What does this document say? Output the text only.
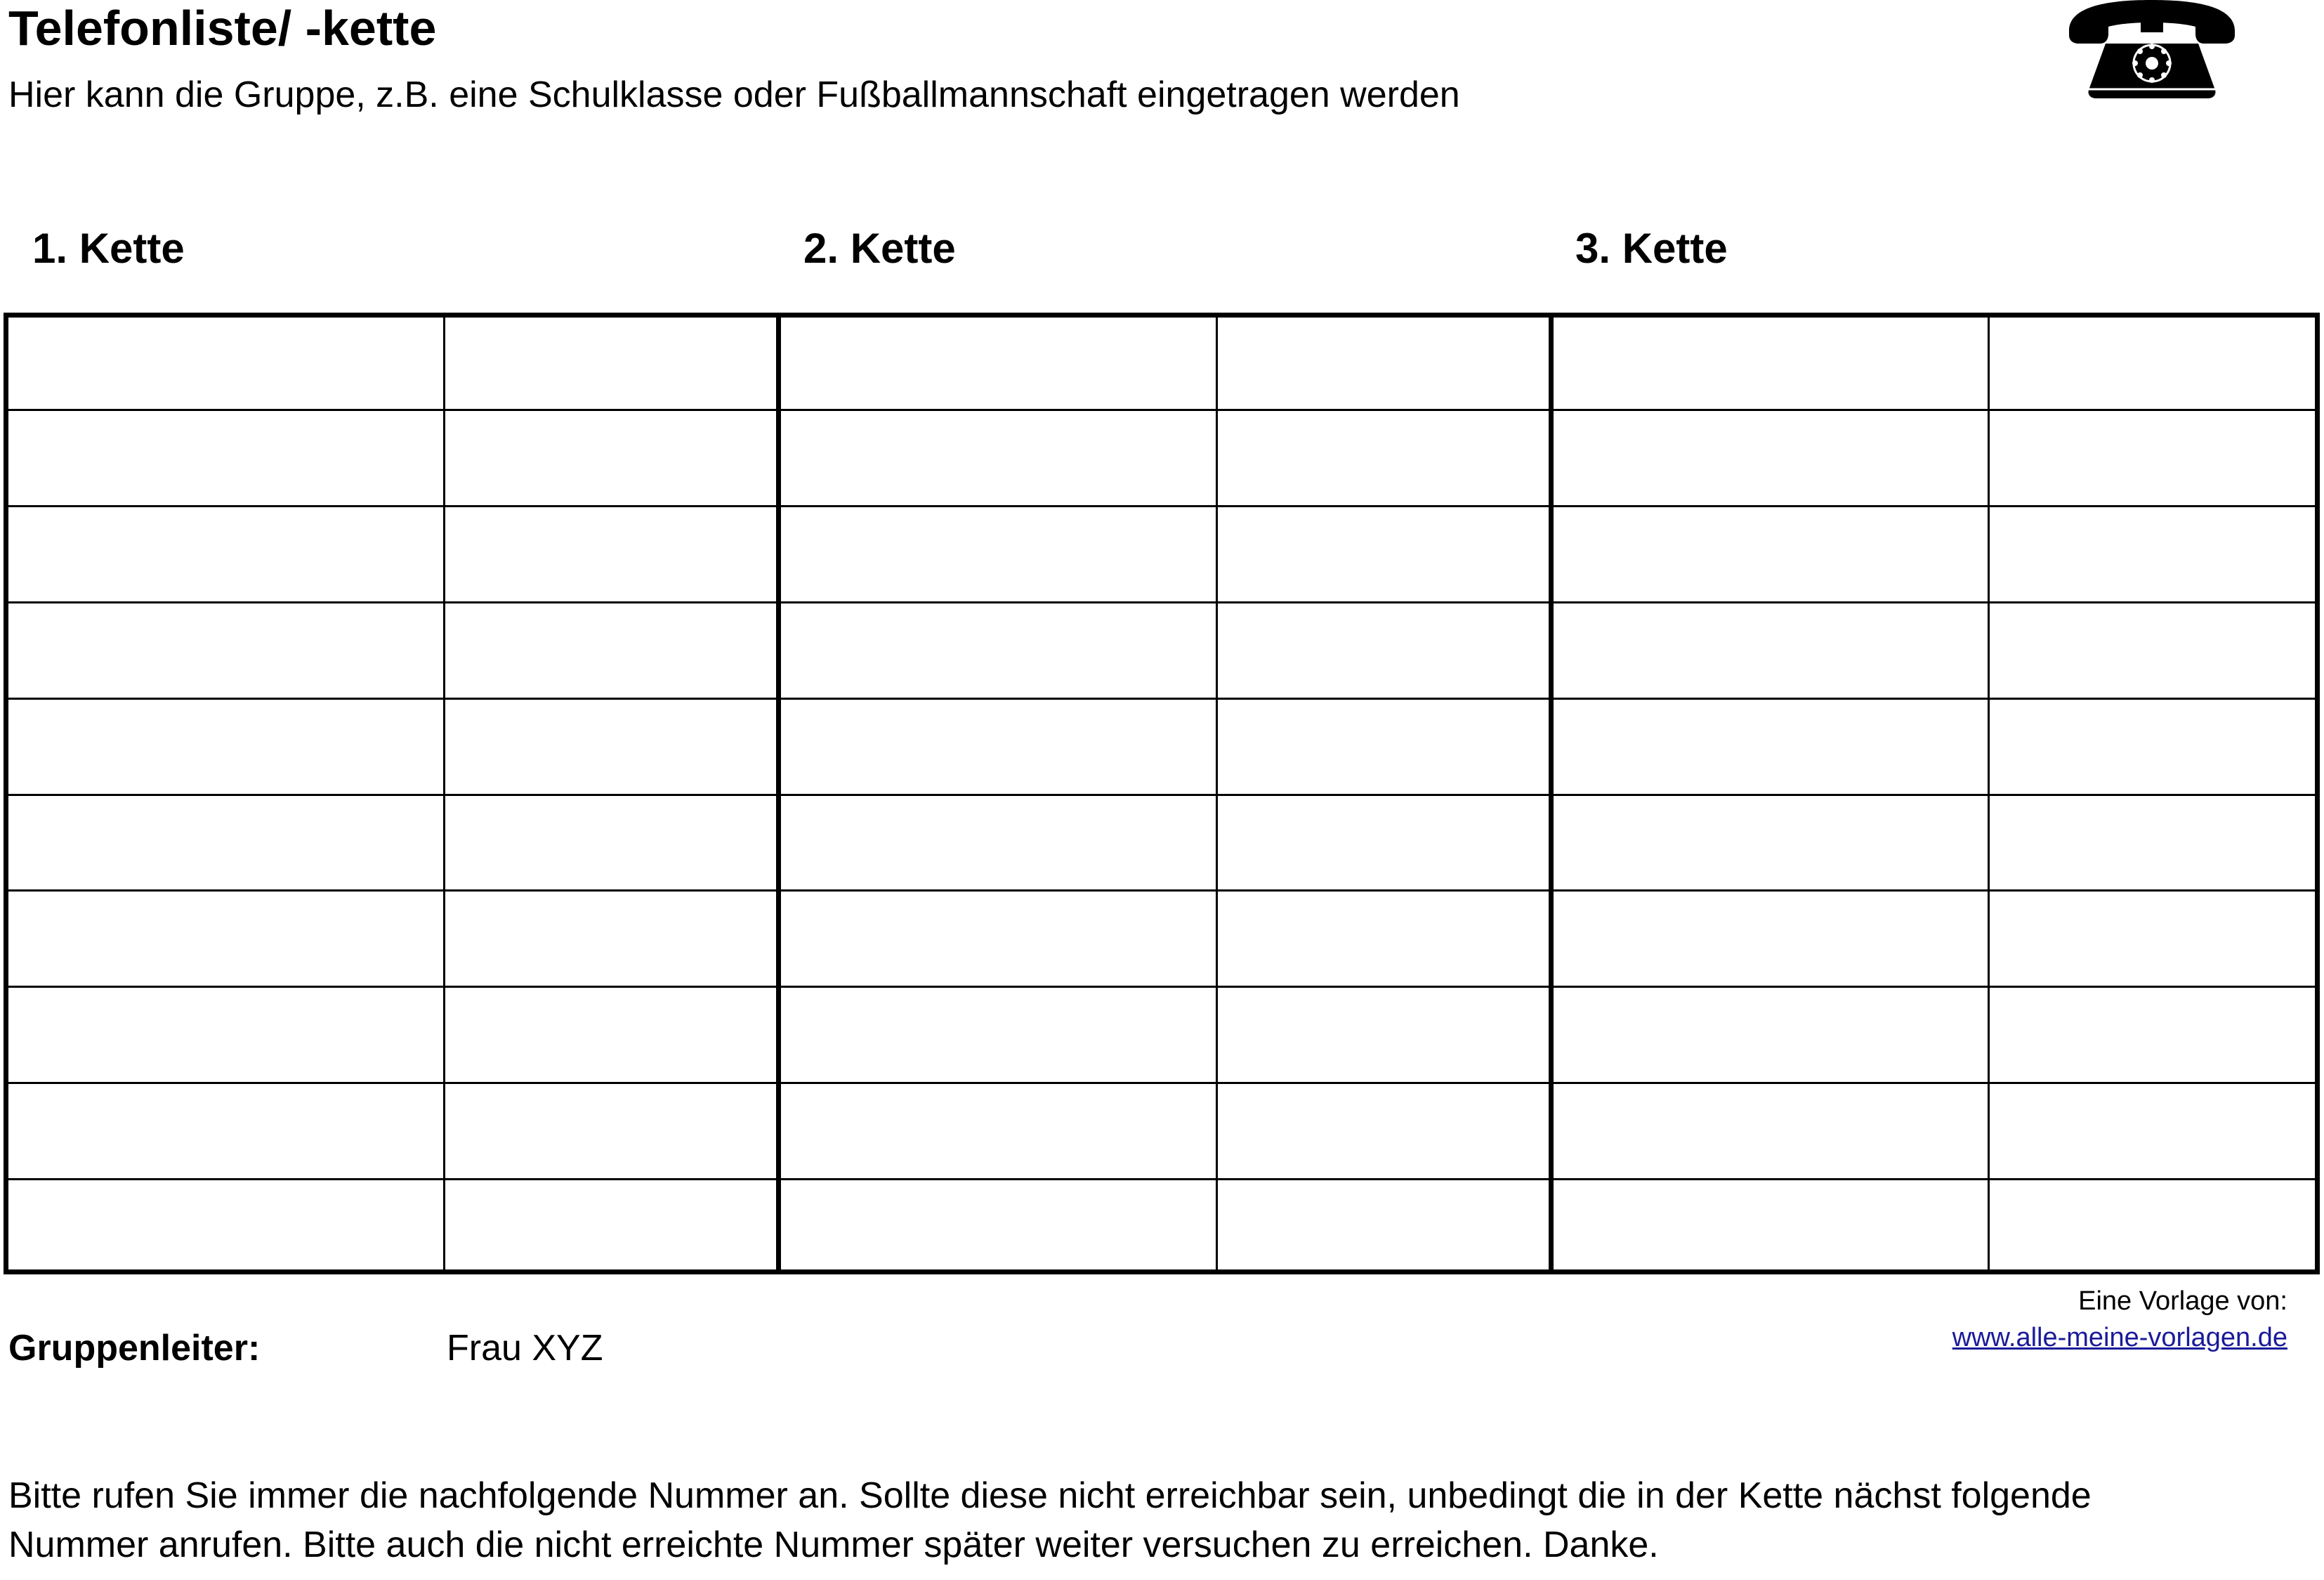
Telefonliste/ -kette
Hier kann die Gruppe, z.B. eine Schulklasse oder Fußballmannschaft eingetragen werden
1. Kette	2. Kette	3. Kette
Gruppenleiter:	Frau XYZ
Eine Vorlage von:
www.alle-meine-vorlagen.de
Bitte rufen Sie immer die nachfolgende Nummer an. Sollte diese nicht erreichbar sein, unbedingt die in der Kette nächst folgende
Nummer anrufen. Bitte auch die nicht erreichte Nummer später weiter versuchen zu erreichen. Danke.
